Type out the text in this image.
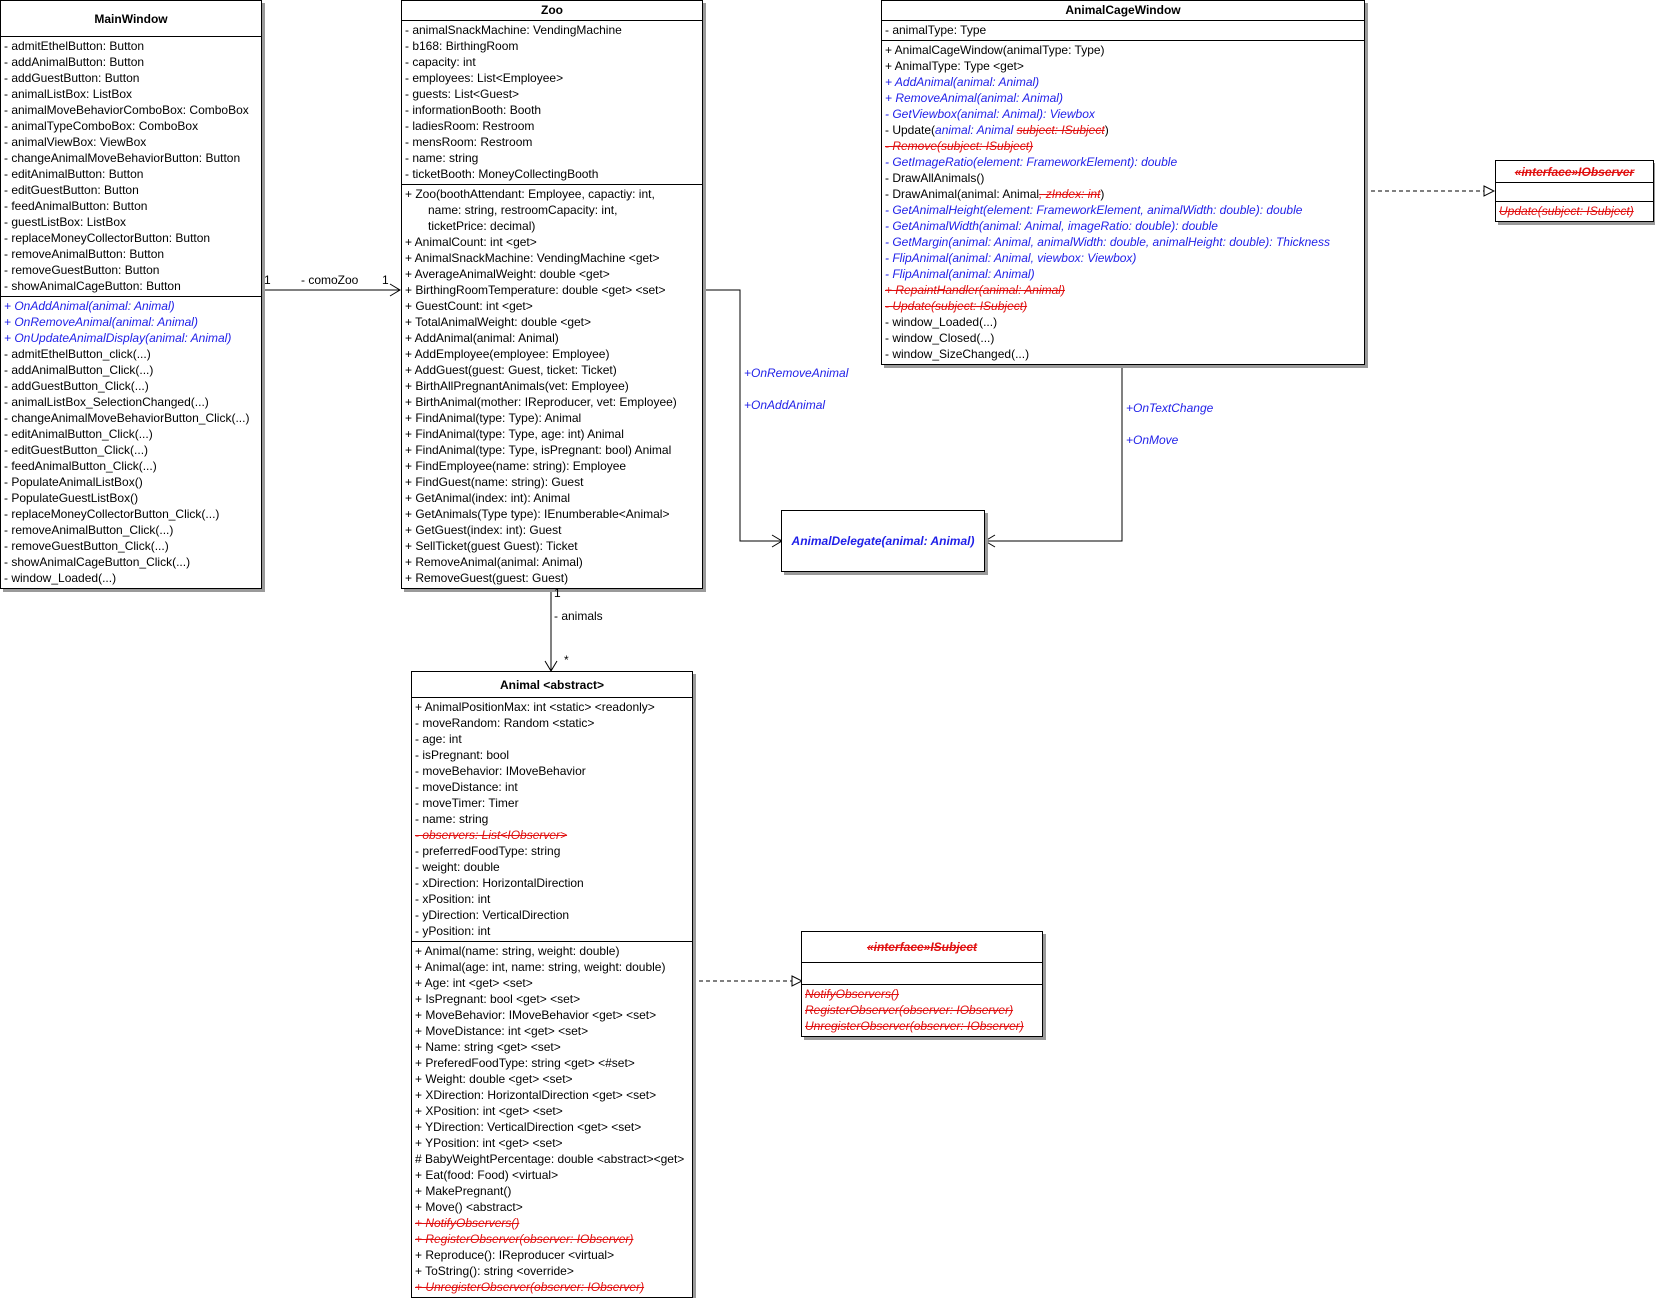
MainWindow
- admitEthelButton: Button
- addAnimalButton: Button
- addGuestButton: Button
- animalListBox: ListBox
- animalMoveBehaviorComboBox: ComboBox
- animalTypeComboBox: ComboBox
- animalViewBox: ViewBox
- changeAnimalMoveBehaviorButton: Button
- editAnimalButton: Button
- editGuestButton: Button
- feedAnimalButton: Button
- guestListBox: ListBox
- replaceMoneyCollectorButton: Button
- removeAnimalButton: Button
- removeGuestButton: Button
- showAnimalCageButton: Button
+ OnAddAnimal(animal: Animal)
+ OnRemoveAnimal(animal: Animal)
+ OnUpdateAnimalDisplay(animal: Animal)
- admitEthelButton_click(...)
- addAnimalButton_Click(...)
- addGuestButton_Click(...)
- animalListBox_SelectionChanged(...)
- changeAnimalMoveBehaviorButton_Click(...)
- editAnimalButton_Click(...)
- editGuestButton_Click(...)
- feedAnimalButton_Click(...)
- PopulateAnimalListBox()
- PopulateGuestListBox()
- replaceMoneyCollectorButton_Click(...)
- removeAnimalButton_Click(...)
- removeGuestButton_Click(...)
- showAnimalCageButton_Click(...)
- window_Loaded(...)
Zoo
- animalSnackMachine: VendingMachine
- b168: BirthingRoom
- capacity: int
- employees: List<Employee>
- guests: List<Guest>
- informationBooth: Booth
- ladiesRoom: Restroom
- mensRoom: Restroom
- name: string
- ticketBooth: MoneyCollectingBooth
+ Zoo(boothAttendant: Employee, capactiy: int,
name: string, restroomCapacity: int,
ticketPrice: decimal)
+ AnimalCount: int <get>
+ AnimalSnackMachine: VendingMachine <get>
+ AverageAnimalWeight: double <get>
+ BirthingRoomTemperature: double <get> <set>
+ GuestCount: int <get>
+ TotalAnimalWeight: double <get>
+ AddAnimal(animal: Animal)
+ AddEmployee(employee: Employee)
+ AddGuest(guest: Guest, ticket: Ticket)
+ BirthAllPregnantAnimals(vet: Employee)
+ BirthAnimal(mother: IReproducer, vet: Employee)
+ FindAnimal(type: Type): Animal
+ FindAnimal(type: Type, age: int) Animal
+ FindAnimal(type: Type, isPregnant: bool) Animal
+ FindEmployee(name: string): Employee
+ FindGuest(name: string): Guest
+ GetAnimal(index: int): Animal
+ GetAnimals(Type type): IEnumberable<Animal>
+ GetGuest(index: int): Guest
+ SellTicket(guest Guest): Ticket
+ RemoveAnimal(animal: Animal)
+ RemoveGuest(guest: Guest)
AnimalCageWindow
- animalType: Type
+ AnimalCageWindow(animalType: Type)
+ AnimalType: Type <get>
+ AddAnimal(animal: Animal)
+ RemoveAnimal(animal: Animal)
- GetViewbox(animal: Animal): Viewbox
- Update(animal: Animal subject: ISubject)
- Remove(subject: ISubject)
- GetImageRatio(element: FrameworkElement): double
- DrawAllAnimals()
- DrawAnimal(animal: Animal, zIndex: int)
- GetAnimalHeight(element: FrameworkElement, animalWidth: double): double
- GetAnimalWidth(animal: Animal, imageRatio: double): double
- GetMargin(animal: Animal, animalWidth: double, animalHeight: double): Thickness
- FlipAnimal(animal: Animal, viewbox: Viewbox)
- FlipAnimal(animal: Animal)
+ RepaintHandler(animal: Animal)
- Update(subject: ISubject)
- window_Loaded(...)
- window_Closed(...)
- window_SizeChanged(...)
«interface»IObserver
Update(subject: ISubject)
AnimalDelegate(animal: Animal)
Animal <abstract>
+ AnimalPositionMax: int <static> <readonly>
- moveRandom: Random <static>
- age: int
- isPregnant: bool
- moveBehavior: IMoveBehavior
- moveDistance: int
- moveTimer: Timer
- name: string
- observers: List<IObserver>
- preferredFoodType: string
- weight: double
- xDirection: HorizontalDirection
- xPosition: int
- yDirection: VerticalDirection
- yPosition: int
+ Animal(name: string, weight: double)
+ Animal(age: int, name: string, weight: double)
+ Age: int <get> <set>
+ IsPregnant: bool <get> <set>
+ MoveBehavior: IMoveBehavior <get> <set>
+ MoveDistance: int <get> <set>
+ Name: string <get> <set>
+ PreferedFoodType: string <get> <#set>
+ Weight: double <get> <set>
+ XDirection: HorizontalDirection <get> <set>
+ XPosition: int <get> <set>
+ YDirection: VerticalDirection <get> <set>
+ YPosition: int <get> <set>
# BabyWeightPercentage: double <abstract><get>
+ Eat(food: Food) <virtual>
+ MakePregnant()
+ Move() <abstract>
+ NotifyObservers()
+ RegisterObserver(observer: IObserver)
+ Reproduce(): IReproducer <virtual>
+ ToString(): string <override>
+ UnregisterObserver(observer: IObserver)
«interface»ISubject
NotifyObservers()
RegisterObserver(observer: IObserver)
UnregisterObserver(observer: IObserver)
1	- comoZoo 1
1
- animals
*
+OnRemoveAnimal
+OnAddAnimal	+OnTextChange
+OnMove
